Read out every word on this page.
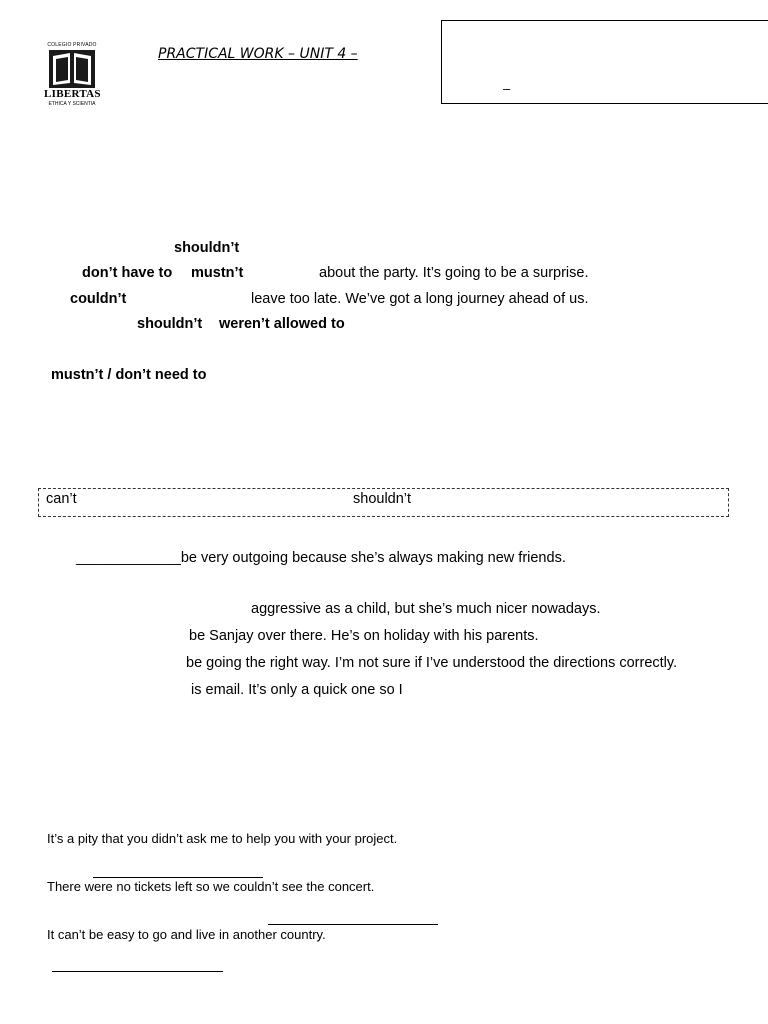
COLEGIO PRIVADO
LIBERTAS
ETHICA Y SCIENTIA
PRACTICAL WORK – UNIT 4 –
–
shouldn’t
don’t have to mustn’t	about the party. It’s going to be a surprise.
couldn’t	leave too late. We’ve got a long journey ahead of us.
shouldn’t weren’t allowed to
mustn’t / don’t need to
can’t	shouldn’t
_____________be very outgoing because she’s always making new friends.
aggressive as a child, but she’s much nicer nowadays.
be Sanjay over there. He’s on holiday with his parents.
be going the right way. I’m not sure if I’ve understood the directions correctly.
is email. It’s only a quick one so I
It’s a pity that you didn’t ask me to help you with your project.
There were no tickets left so we couldn’t see the concert.
It can’t be easy to go and live in another country.
